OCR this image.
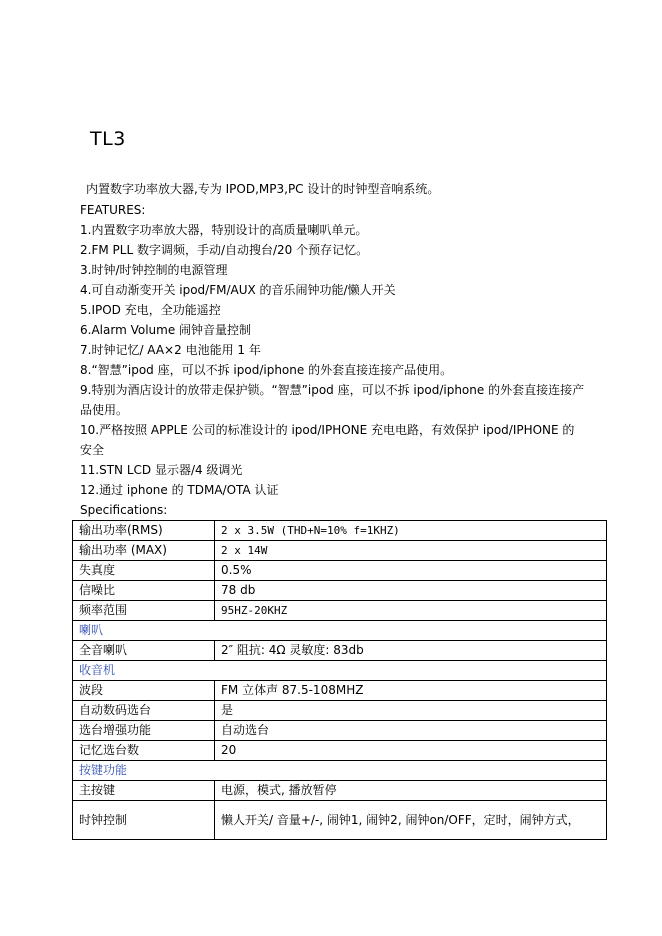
TL3
内置数字功率放大器,专为 IPOD,MP3,PC 设计的时钟型音响系统。
FEATURES:
1.内置数字功率放大器，特别设计的高质量喇叭单元。
2.FM PLL 数字调频，手动/自动搜台/20 个预存记忆。
3.时钟/时钟控制的电源管理
4.可自动渐变开关 ipod/FM/AUX 的音乐闹钟功能/懒人开关
5.IPOD 充电，全功能遥控
6.Alarm Volume 闹钟音量控制
7.时钟记忆/ AA×2 电池能用 1 年
8.“智慧”ipod 座，可以不拆 ipod/iphone 的外套直接连接产品使用。
9.特别为酒店设计的放带走保护锁。“智慧”ipod 座，可以不拆 ipod/iphone 的外套直接连接产品使用。
10.严格按照 APPLE 公司的标准设计的 ipod/IPHONE 充电电路，有效保护 ipod/IPHONE 的安全
11.STN LCD 显示器/4 级调光
12.通过 iphone 的 TDMA/OTA 认证
Specifications:
输出功率(RMS)	2 x 3.5W (THD+N=10% f=1KHZ)
输出功率 (MAX)	2 x 14W
失真度	0.5%
信噪比	78 db
频率范围	95HZ-20KHZ
喇叭	
全音喇叭	2″ 阻抗: 4Ω 灵敏度: 83db
收音机	
波段	FM 立体声 87.5-108MHZ
自动数码选台	是
选台增强功能	自动选台
记忆选台数	20
按键功能	
主按键	电源，模式, 播放暂停
时钟控制	懒人开关/ 音量+/-, 闹钟1, 闹钟2, 闹钟on/OFF，定时，闹钟方式，
